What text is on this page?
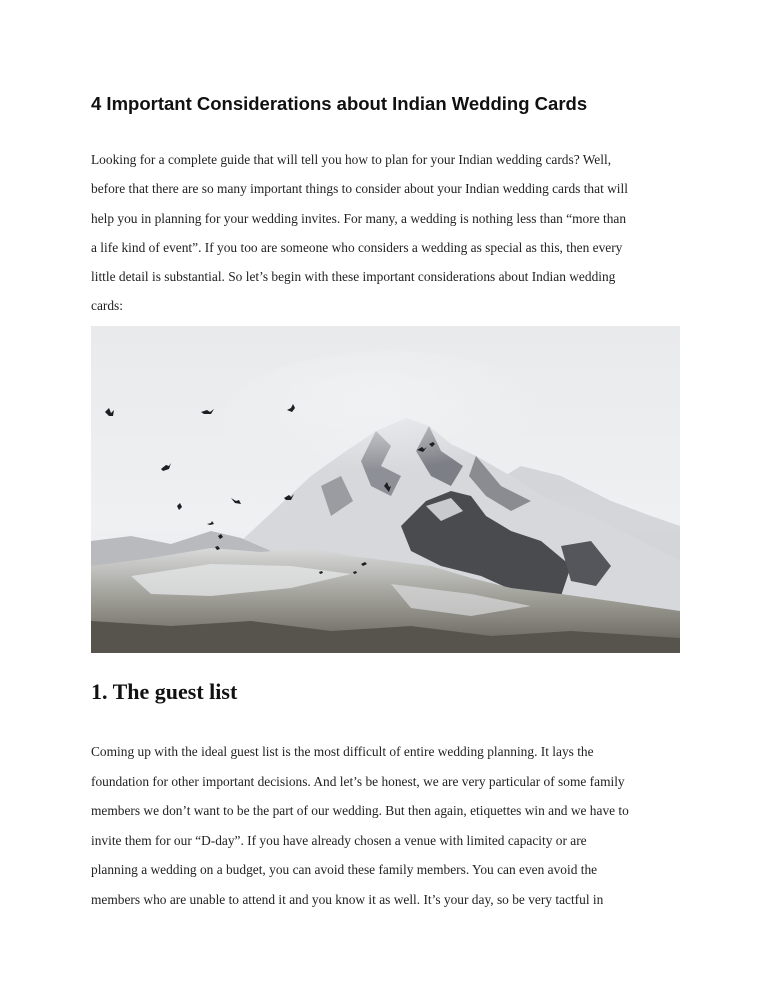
4 Important Considerations about Indian Wedding Cards

Looking for a complete guide that will tell you how to plan for your Indian wedding cards? Well,
before that there are so many important things to consider about your Indian wedding cards that will
help you in planning for your wedding invites. For many, a wedding is nothing less than “more than
a life kind of event”. If you too are someone who considers a wedding as special as this, then every
little detail is substantial. So let’s begin with these important considerations about Indian wedding
cards:

1. The guest list

Coming up with the ideal guest list is the most difficult of entire wedding planning. It lays the
foundation for other important decisions. And let’s be honest, we are very particular of some family
members we don’t want to be the part of our wedding. But then again, etiquettes win and we have to
invite them for our “D-day”. If you have already chosen a venue with limited capacity or are
planning a wedding on a budget, you can avoid these family members. You can even avoid the
members who are unable to attend it and you know it as well. It’s your day, so be very tactful in
